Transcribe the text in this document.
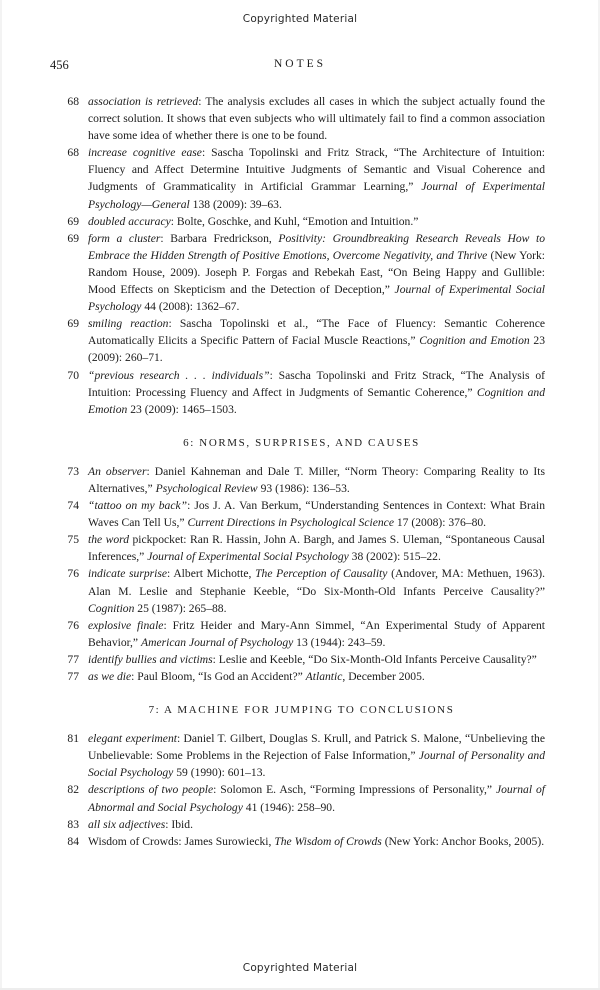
Copyrighted Material
456	NOTES
68 association is retrieved: The analysis excludes all cases in which the subject actually found the correct solution. It shows that even subjects who will ultimately fail to find a common association have some idea of whether there is one to be found.
68 increase cognitive ease: Sascha Topolinski and Fritz Strack, “The Architecture of Intuition: Fluency and Affect Determine Intuitive Judgments of Semantic and Visual Coherence and Judgments of Grammaticality in Artificial Grammar Learning,” Journal of Experimental Psychology—General 138 (2009): 39–63.
69 doubled accuracy: Bolte, Goschke, and Kuhl, “Emotion and Intuition.”
69 form a cluster: Barbara Fredrickson, Positivity: Groundbreaking Research Reveals How to Embrace the Hidden Strength of Positive Emotions, Overcome Negativity, and Thrive (New York: Random House, 2009). Joseph P. Forgas and Rebekah East, “On Being Happy and Gullible: Mood Effects on Skepticism and the Detection of Deception,” Journal of Experimental Social Psychology 44 (2008): 1362–67.
69 smiling reaction: Sascha Topolinski et al., “The Face of Fluency: Semantic Coherence Automatically Elicits a Specific Pattern of Facial Muscle Reactions,” Cognition and Emotion 23 (2009): 260–71.
70 “previous research . . . individuals”: Sascha Topolinski and Fritz Strack, “The Analysis of Intuition: Processing Fluency and Affect in Judgments of Semantic Coherence,” Cognition and Emotion 23 (2009): 1465–1503.
6: NORMS, SURPRISES, AND CAUSES
73 An observer: Daniel Kahneman and Dale T. Miller, “Norm Theory: Comparing Reality to Its Alternatives,” Psychological Review 93 (1986): 136–53.
74 “tattoo on my back”: Jos J. A. Van Berkum, “Understanding Sentences in Context: What Brain Waves Can Tell Us,” Current Directions in Psychological Science 17 (2008): 376–80.
75 the word pickpocket: Ran R. Hassin, John A. Bargh, and James S. Uleman, “Spontaneous Causal Inferences,” Journal of Experimental Social Psychology 38 (2002): 515–22.
76 indicate surprise: Albert Michotte, The Perception of Causality (Andover, MA: Methuen, 1963). Alan M. Leslie and Stephanie Keeble, “Do Six-Month-Old Infants Perceive Causality?” Cognition 25 (1987): 265–88.
76 explosive finale: Fritz Heider and Mary-Ann Simmel, “An Experimental Study of Apparent Behavior,” American Journal of Psychology 13 (1944): 243–59.
77 identify bullies and victims: Leslie and Keeble, “Do Six-Month-Old Infants Perceive Causality?”
77 as we die: Paul Bloom, “Is God an Accident?” Atlantic, December 2005.
7: A MACHINE FOR JUMPING TO CONCLUSIONS
81 elegant experiment: Daniel T. Gilbert, Douglas S. Krull, and Patrick S. Malone, “Unbelieving the Unbelievable: Some Problems in the Rejection of False Information,” Journal of Personality and Social Psychology 59 (1990): 601–13.
82 descriptions of two people: Solomon E. Asch, “Forming Impressions of Personality,” Journal of Abnormal and Social Psychology 41 (1946): 258–90.
83 all six adjectives: Ibid.
84 Wisdom of Crowds: James Surowiecki, The Wisdom of Crowds (New York: Anchor Books, 2005).
Copyrighted Material
